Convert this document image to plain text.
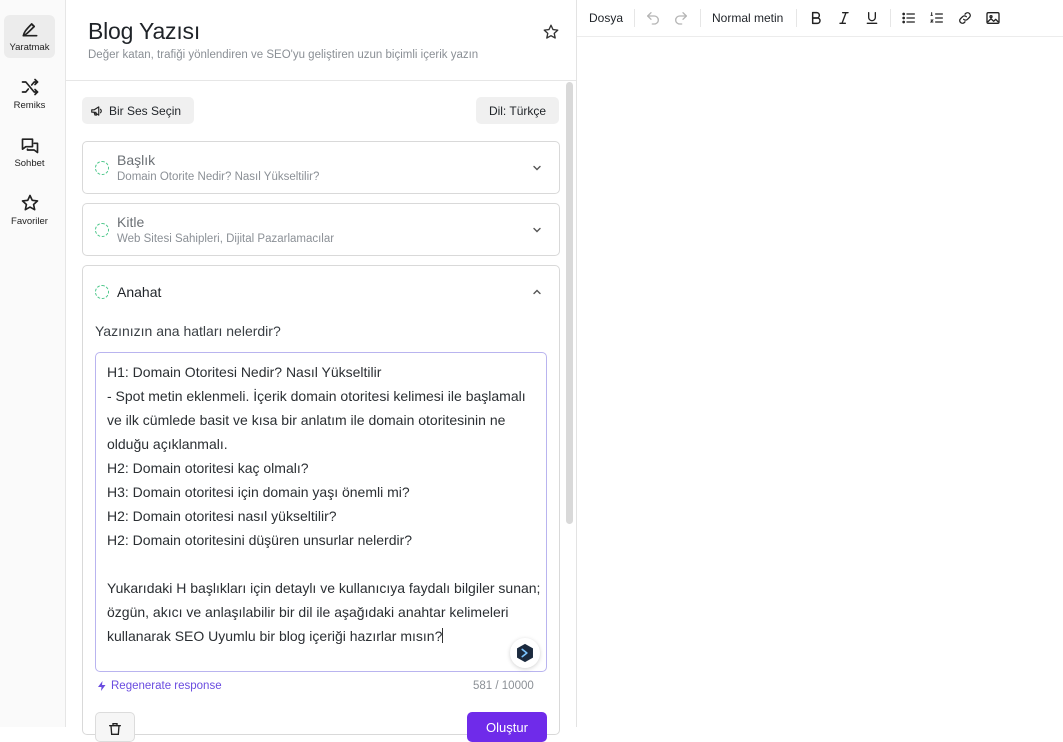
Yaratmak
Remiks
Sohbet
Favoriler
Blog Yazısı

Değer katan, trafiği yönlendiren ve SEO'yu geliştiren uzun biçimli içerik yazın

Bir Ses Seçin	Dil: Türkçe
Başlık
Domain Otorite Nedir? Nasıl Yükseltilir?
Kitle
Web Sitesi Sahipleri, Dijital Pazarlamacılar
Anahat

Yazınızın ana hatları nelerdir?

H1: Domain Otoritesi Nedir? Nasıl Yükseltilir
- Spot metin eklenmeli. İçerik domain otoritesi kelimesi ile başlamalı
ve ilk cümlede basit ve kısa bir anlatım ile domain otoritesinin ne
olduğu açıklanmalı.
H2: Domain otoritesi kaç olmalı?
H3: Domain otoritesi için domain yaşı önemli mi?
H2: Domain otoritesi nasıl yükseltilir?
H2: Domain otoritesini düşüren unsurlar nelerdir?
Yukarıdaki H başlıkları için detaylı ve kullanıcıya faydalı bilgiler sunan;
özgün, akıcı ve anlaşılabilir bir dil ile aşağıdaki anahtar kelimeleri
kullanarak SEO Uyumlu bir blog içeriği hazırlar mısın?
Regenerate response	581 / 10000
Oluştur
Dosya	Normal metin
